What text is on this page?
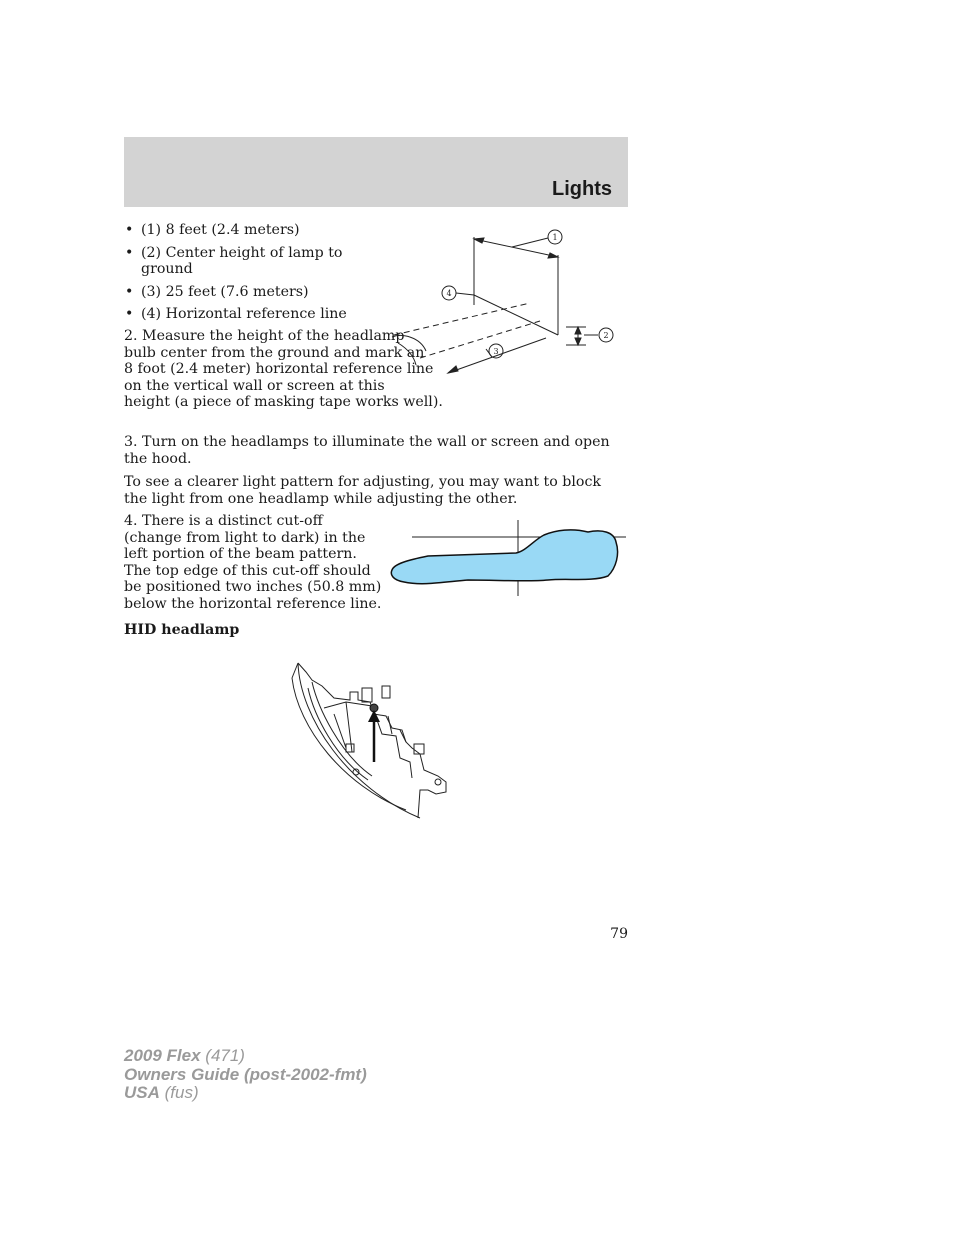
Lights
• (1) 8 feet (2.4 meters)
• (2) Center height of lamp to ground
• (3) 25 feet (7.6 meters)
• (4) Horizontal reference line
1
2
3
4

2. Measure the height of the headlamp bulb center from the ground and mark an 8 foot (2.4 meter) horizontal reference line on the vertical wall or screen at this
height (a piece of masking tape works well).

3. Turn on the headlamps to illuminate the wall or screen and open the hood.

To see a clearer light pattern for adjusting, you may want to block the light from one headlamp while adjusting the other.

4. There is a distinct cut-off (change from light to dark) in the left portion of the beam pattern. The top edge of this cut-off should be positioned two inches (50.8 mm) below the horizontal reference line.

HID headlamp
79
2009 Flex (471)
Owners Guide (post-2002-fmt)
USA (fus)
